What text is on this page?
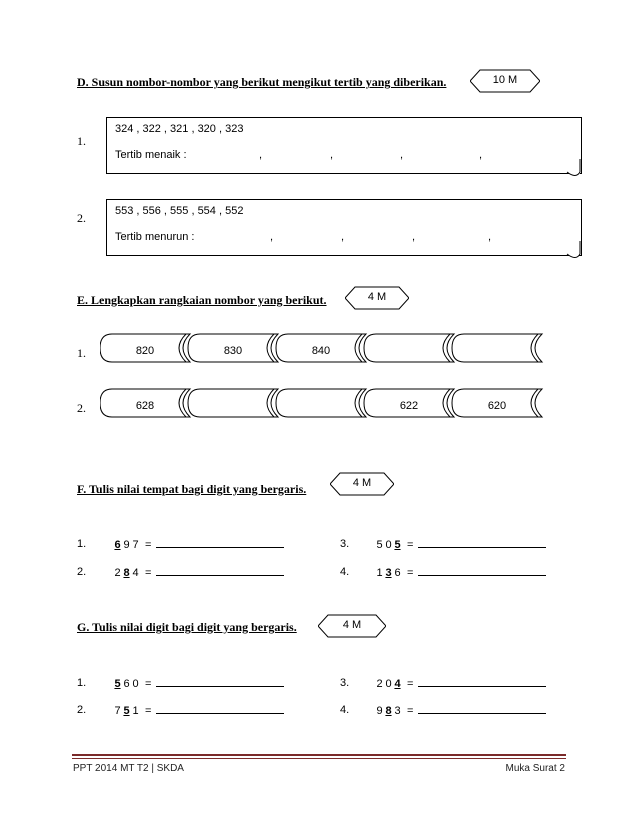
D. Susun nombor-nombor yang berikut mengikut tertib yang diberikan.	10 M
1.
324 , 322 , 321 , 320 , 323
Tertib menaik :	,	,	,	,
2.	553 , 556 , 555 , 554 , 552
Tertib menurun :	,	,	,	,
E. Lengkapkan rangkaian nombor yang berikut.	4 M
1.
2.
820	830	840
628	622	620
F. Tulis nilai tempat bagi digit yang bergaris.	4 M
1.	6 9 7 =
2.	2 8 4 =
3. 5 0 5 =
4. 1 3 6 =
G. Tulis nilai digit bagi digit yang bergaris.	4 M
1.	5 6 0 =
2.	7 5 1 =
3. 2 0 4 =
4. 9 8 3 =
PPT 2014 MT T2 | SKDA	Muka Surat 2
